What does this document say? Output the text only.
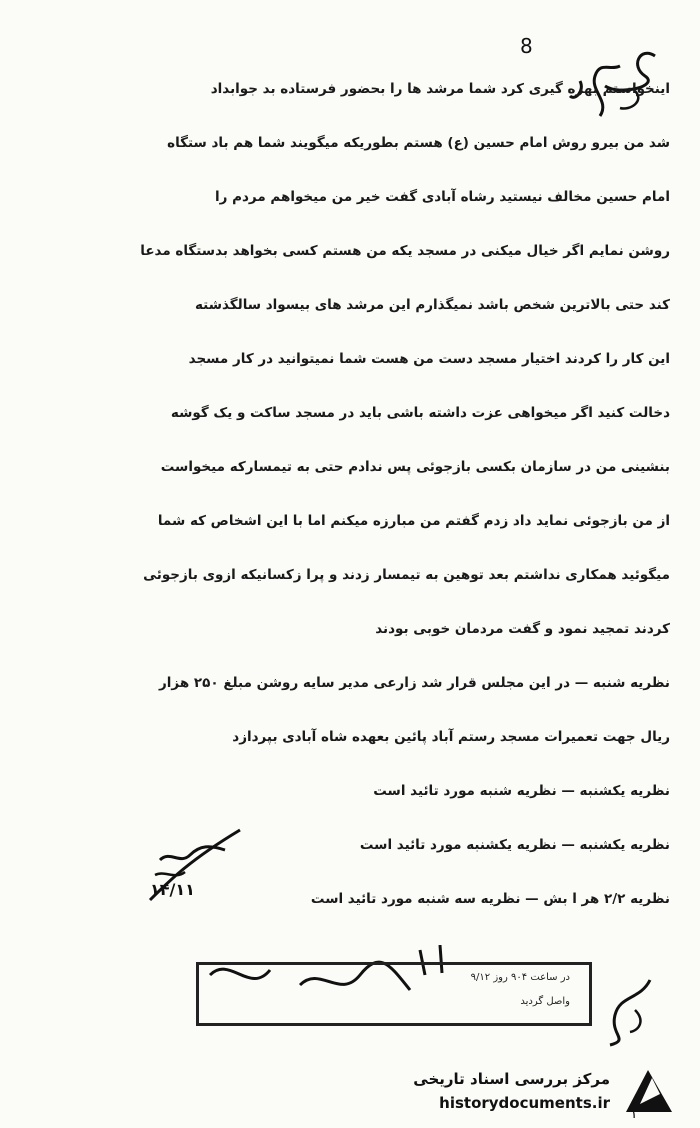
8
اینخواستم بهره گیری کرد شما مرشد ها را بحضور فرستاده بد جوابداد
شد من بیرو روش امام حسین (ع) هستم بطوریکه میگویند شما هم باد ستگاه
امام حسین مخالف نیستید رشاه آبادی گفت خیر من میخواهم مردم را
روشن نمایم اگر خیال میکنی در مسجد یکه من هستم کسی بخواهد بدستگاه مدعا
کند حتی بالاترین شخص باشد نمیگذارم این مرشد های بیسواد سالگذشته
این کار را کردند اختیار مسجد دست من هست شما نمیتوانید در کار مسجد
دخالت کنید اگر میخواهی عزت داشته باشی باید در مسجد ساکت و یک گوشه
بنشینی من در سازمان بکسی بازجوئی پس ندادم حتی به تیمسارکه میخواست
از من بازجوئی نماید داد زدم گفتم من مبارزه میکنم اما با این اشخاص که شما
میگوئید همکاری نداشتم بعد توهین به تیمسار زدند و پرا زکسانیکه ازوی بازجوئی
کردند تمجید نمود و گفت مردمان خوبی بودند
نظریه شنبه — در این مجلس قرار شد زارعی مدیر سایه روشن مبلغ ۲۵۰ هزار
ریال جهت تعمیرات مسجد رستم آباد پائین بعهده شاه آبادی بپردازد
نظریه یکشنبه — نظریه شنبه مورد تائید است
نظریه یکشنبه — نظریه یکشنبه مورد تائید است
نظریه ۲/۲ هر ا بش — نظریه سه شنبه مورد تائید است
۱۴/۱۱
در ساعت ۹۰۴ روز ۹/۱۲
واصل گردید
مرکز بررسی اسناد تاریخی
historydocuments.ir
۱
